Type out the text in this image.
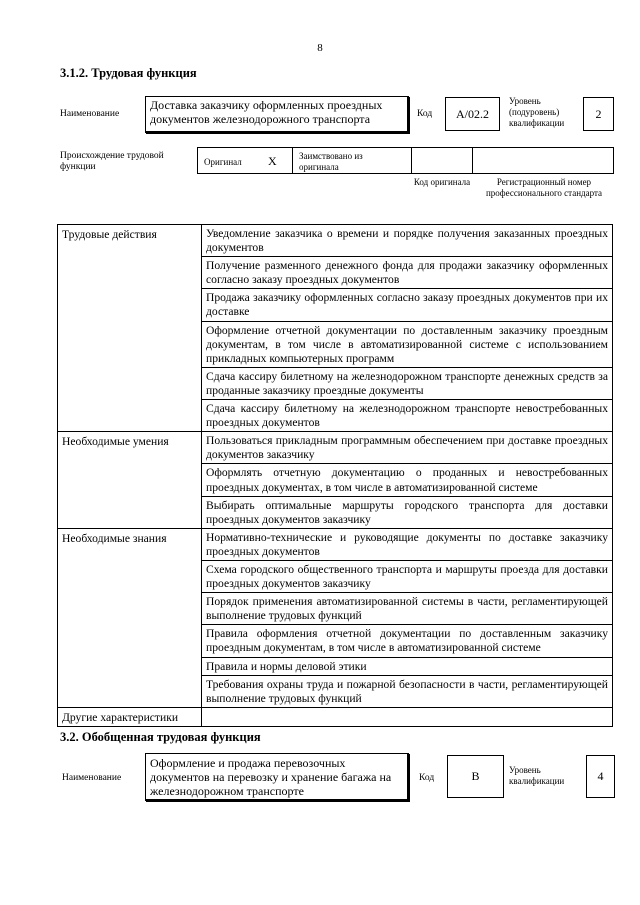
8
3.1.2. Трудовая функция
Наименование
Доставка заказчику оформленных проездных документов железнодорожного транспорта	Код	А/02.2
Уровень (подуровень) квалификации
2
Происхождение трудовой функции	Оригинал X Заимствовано из оригинала
Код оригинала	Регистрационный номер профессионального стандарта
Трудовые действия	Уведомление заказчика о времени и порядке получения заказанных проездных документов
	Получение разменного денежного фонда для продажи заказчику оформленных согласно заказу проездных документов
	Продажа заказчику оформленных согласно заказу проездных документов при их доставке
	Оформление отчетной документации по доставленным заказчику проездным документам, в том числе в автоматизированной системе с использованием прикладных компьютерных программ
	Сдача кассиру билетному на железнодорожном транспорте денежных средств за проданные заказчику проездные документы
	Сдача кассиру билетному на железнодорожном транспорте невостребованных проездных документов
Необходимые умения	Пользоваться прикладным программным обеспечением при доставке проездных документов заказчику
	Оформлять отчетную документацию о проданных и невостребованных проездных документах, в том числе в автоматизированной системе
	Выбирать оптимальные маршруты городского транспорта для доставки проездных документов заказчику
Необходимые знания	Нормативно-технические и руководящие документы по доставке заказчику проездных документов
	Схема городского общественного транспорта и маршруты проезда для доставки проездных документов заказчику
	Порядок применения автоматизированной системы в части, регламентирующей выполнение трудовых функций
	Правила оформления отчетной документации по доставленным заказчику проездным документам, в том числе в автоматизированной системе
	Правила и нормы деловой этики
	Требования охраны труда и пожарной безопасности в части, регламентирующей выполнение трудовых функций
Другие характеристики	
3.2. Обобщенная трудовая функция
Наименование
Оформление и продажа перевозочных документов на перевозку и хранение багажа на железнодорожном транспорте
Код	В	Уровень квалификации	4
